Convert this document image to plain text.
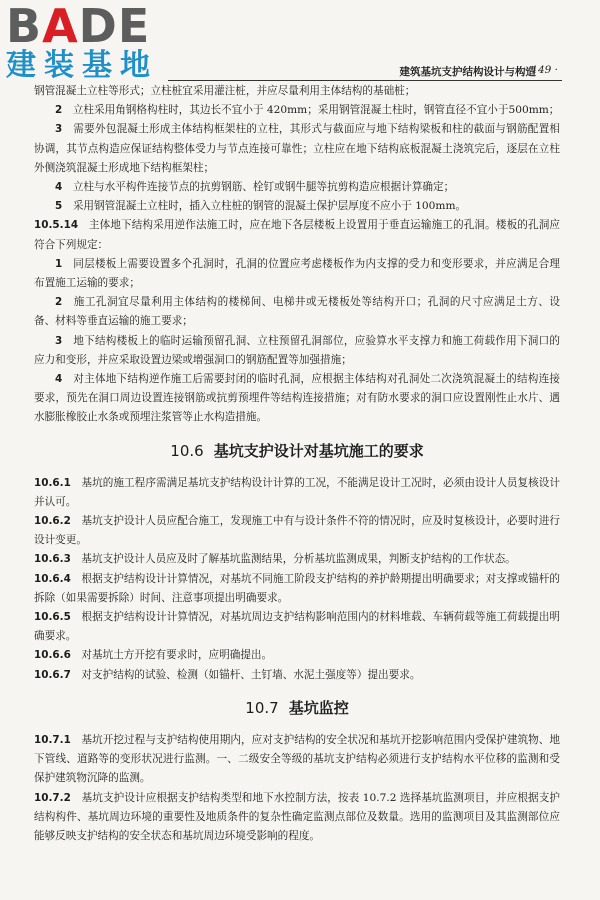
BADE
建装基地	建筑基坑支护结构设计与构造
· 149 ·

钢管混凝土立柱等形式；立柱桩宜采用灌注桩，并应尽量利用主体结构的基础桩；

2　 立柱采用角钢格构柱时，其边长不宜小于 420mm；采用钢管混凝土柱时，钢管直径不宜小于500mm；

3　 需要外包混凝土形成主体结构框架柱的立柱，其形式与截面应与地下结构梁板和柱的截面与钢筋配置相协调，其节点构造应保证结构整体受力与节点连接可靠性；立柱应在地下结构底板混凝土浇筑完后，逐层在立柱外侧浇筑混凝土形成地下结构框架柱；

4　 立柱与水平构件连接节点的抗剪钢筋、栓钉或钢牛腿等抗剪构造应根据计算确定；

5　 采用钢管混凝土立柱时，插入立柱桩的钢管的混凝土保护层厚度不应小于 100mm。

10.5.14　 主体地下结构采用逆作法施工时，应在地下各层楼板上设置用于垂直运输施工的孔洞。楼板的孔洞应符合下列规定：

1　 同层楼板上需要设置多个孔洞时，孔洞的位置应考虑楼板作为内支撑的受力和变形要求，并应满足合理布置施工运输的要求；

2　 施工孔洞宜尽量利用主体结构的楼梯间、电梯井或无楼板处等结构开口；孔洞的尺寸应满足土方、设备、材料等垂直运输的施工要求；

3　 地下结构楼板上的临时运输预留孔洞、立柱预留孔洞部位，应验算水平支撑力和施工荷载作用下洞口的应力和变形，并应采取设置边梁或增强洞口的钢筋配置等加强措施；

4　 对主体地下结构逆作施工后需要封闭的临时孔洞，应根据主体结构对孔洞处二次浇筑混凝土的结构连接要求，预先在洞口周边设置连接钢筋或抗剪预埋件等结构连接措施；对有防水要求的洞口应设置刚性止水片、遇水膨胀橡胶止水条或预埋注浆管等止水构造措施。

10.6 基坑支护设计对基坑施工的要求

10.6.1　 基坑的施工程序需满足基坑支护结构设计计算的工况，不能满足设计工况时，必须由设计人员复核设计并认可。

10.6.2　 基坑支护设计人员应配合施工，发现施工中有与设计条件不符的情况时，应及时复核设计，必要时进行设计变更。

10.6.3　 基坑支护设计人员应及时了解基坑监测结果，分析基坑监测成果，判断支护结构的工作状态。

10.6.4　 根据支护结构设计计算情况，对基坑不同施工阶段支护结构的养护龄期提出明确要求；对支撑或锚杆的拆除（如果需要拆除）时间、注意事项提出明确要求。

10.6.5　 根据支护结构设计计算情况，对基坑周边支护结构影响范围内的材料堆载、车辆荷载等施工荷载提出明确要求。

10.6.6　 对基坑土方开挖有要求时，应明确提出。

10.6.7　 对支护结构的试验、检测（如锚杆、土钉墙、水泥土强度等）提出要求。

10.7 基坑监控

10.7.1　 基坑开挖过程与支护结构使用期内，应对支护结构的安全状况和基坑开挖影响范围内受保护建筑物、地下管线、道路等的变形状况进行监测。一、二级安全等级的基坑支护结构必须进行支护结构水平位移的监测和受保护建筑物沉降的监测。

10.7.2　 基坑支护设计应根据支护结构类型和地下水控制方法，按表 10.7.2 选择基坑监测项目，并应根据支护结构构件、基坑周边环境的重要性及地质条件的复杂性确定监测点部位及数量。选用的监测项目及其监测部位应能够反映支护结构的安全状态和基坑周边环境受影响的程度。
